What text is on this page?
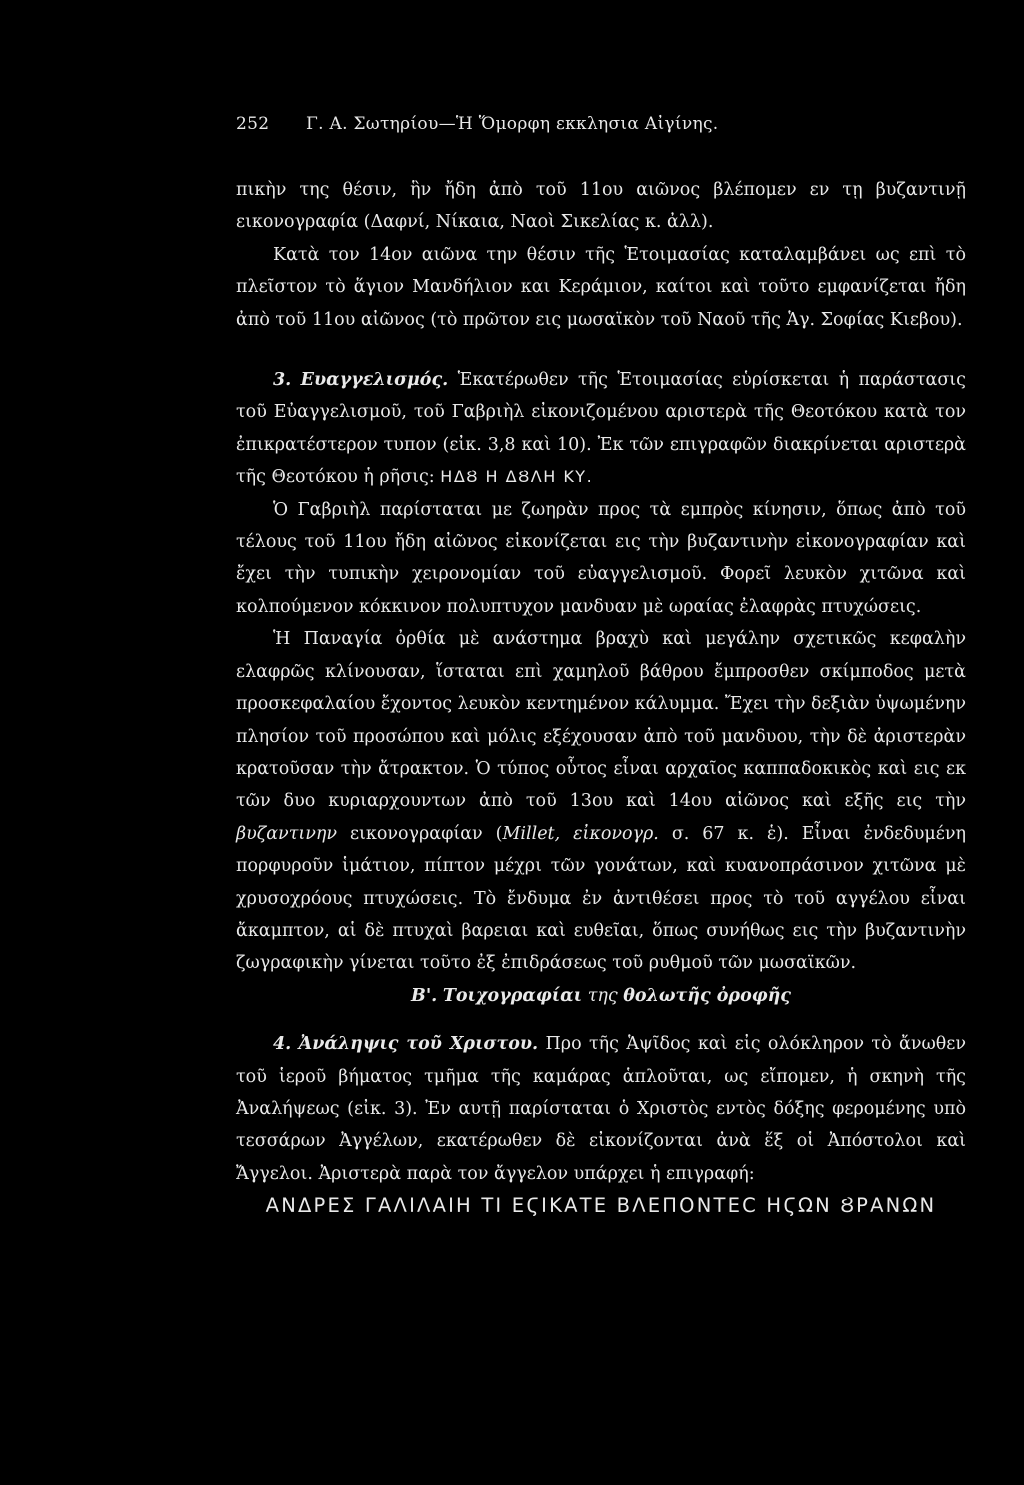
252 Γ. Α. Σωτηρίου—Ἡ Ὅμορφη εκκλησια Αἰγίνης.

πικὴν της θέσιν, ἣν ἤδη ἀπὸ τοῦ 11ου αιῶνος βλέπομεν εν τῃ βυζαντινῇ εικονογραφία (Δαφνί, Νίκαια, Ναοὶ Σικελίας κ. ἀλλ).

Κατὰ τον 14ον αιῶνα την θέσιν τῆς Ἑτοιμασίας καταλαμβάνει ως επὶ τὸ πλεῖστον τὸ ἅγιον Μανδήλιον και Κεράμιον, καίτοι καὶ τοῦτο εμφανίζεται ἤδη ἀπὸ τοῦ 11ου αἰῶνος (τὸ πρῶτον εις μωσαϊκὸν τοῦ Ναοῦ τῆς Ἁγ. Σοφίας Κιεβου).

3. Ευαγγελισμός. Ἑκατέρωθεν τῆς Ἑτοιμασίας εὑρίσκεται ἡ παράστασις τοῦ Εὐαγγελισμοῦ, τοῦ Γαβριὴλ εἰκονιζομένου αριστερὰ τῆς Θεοτόκου κατὰ τον ἐπικρατέστερον τυπον (εἰκ. 3,8 καὶ 10). Ἐκ τῶν επιγραφῶν διακρίνεται αριστερὰ τῆς Θεοτόκου ἡ ρῆσις: ΗΔȢ Η ΔȢΛΗ ΚΥ.

Ὁ Γαβριὴλ παρίσταται με ζωηρὰν προς τὰ εμπρὸς κίνησιν, ὅπως ἀπὸ τοῦ τέλους τοῦ 11ου ἤδη αἰῶνος εἰκονίζεται εις τὴν βυζαντινὴν εἰκονογραφίαν καὶ ἔχει τὴν τυπικὴν χειρονομίαν τοῦ εὐαγγελισμοῦ. Φορεῖ λευκὸν χιτῶνα καὶ κολπούμενον κόκκινον πολυπτυχον μανδυαν μὲ ωραίας ἐλαφρὰς πτυχώσεις.

Ἡ Παναγία ὀρθία μὲ ανάστημα βραχὺ καὶ μεγάλην σχετικῶς κεφαλὴν ελαφρῶς κλίνουσαν, ἵσταται επὶ χαμηλοῦ βάθρου ἔμπροσθεν σκίμποδος μετὰ προσκεφαλαίου ἔχοντος λευκὸν κεντημένον κάλυμμα. Ἔχει τὴν δεξιὰν ὑψωμένην πλησίον τοῦ προσώπου καὶ μόλις εξέχουσαν ἀπὸ τοῦ μανδυου, τὴν δὲ ἀριστερὰν κρατοῦσαν τὴν ἄτρακτον. Ὁ τύπος οὗτος εἶναι αρχαῖος καππαδοκικὸς καὶ εις εκ τῶν δυο κυριαρχουντων ἀπὸ τοῦ 13ου καὶ 14ου αἰῶνος καὶ εξῆς εις τὴν βυζαντινην εικονογραφίαν (Millet, εἰκονογρ. σ. 67 κ. ἑ). Εἶναι ἐνδεδυμένη πορφυροῦν ἱμάτιον, πίπτον μέχρι τῶν γονάτων, καὶ κυανοπράσινον χιτῶνα μὲ χρυσοχρόους πτυχώσεις. Τὸ ἔνδυμα ἐν ἀντιθέσει προς τὸ τοῦ αγγέλου εἶναι ἄκαμπτον, αἱ δὲ πτυχαὶ βαρειαι καὶ ευθεῖαι, ὅπως συνήθως εις τὴν βυζαντινὴν ζωγραφικὴν γίνεται τοῦτο ἐξ ἐπιδράσεως τοῦ ρυθμοῦ τῶν μωσαϊκῶν.

Β'. Τοιχογραφίαι της θολωτῆς ὀροφῆς

4. Ἀνάληψις τοῦ Χριστου. Προ τῆς Ἁψῖδος καὶ εἰς ολόκληρον τὸ ἄνωθεν τοῦ ἱεροῦ βήματος τμῆμα τῆς καμάρας ἁπλοῦται, ως εἴπομεν, ἡ σκηνὴ τῆς Ἀναλήψεως (εἰκ. 3). Ἐν αυτῇ παρίσταται ὁ Χριστὸς εντὸς δόξης φερομένης υπὸ τεσσάρων Ἀγγέλων, εκατέρωθεν δὲ εἰκονίζονται ἀνὰ ἕξ οἱ Ἀπόστολοι καὶ Ἄγγελοι. Ἀριστερὰ παρὰ τον ἄγγελον υπάρχει ἡ επιγραφή:

ΑΝΔΡΕΣ ΓΑΛΙΛΑΙΗ ΤΙ ΕϚΙΚΑΤΕ ΒΛΕΠΟΝΤΕC ΗϚΩΝ ȢΡΑΝΩΝ
